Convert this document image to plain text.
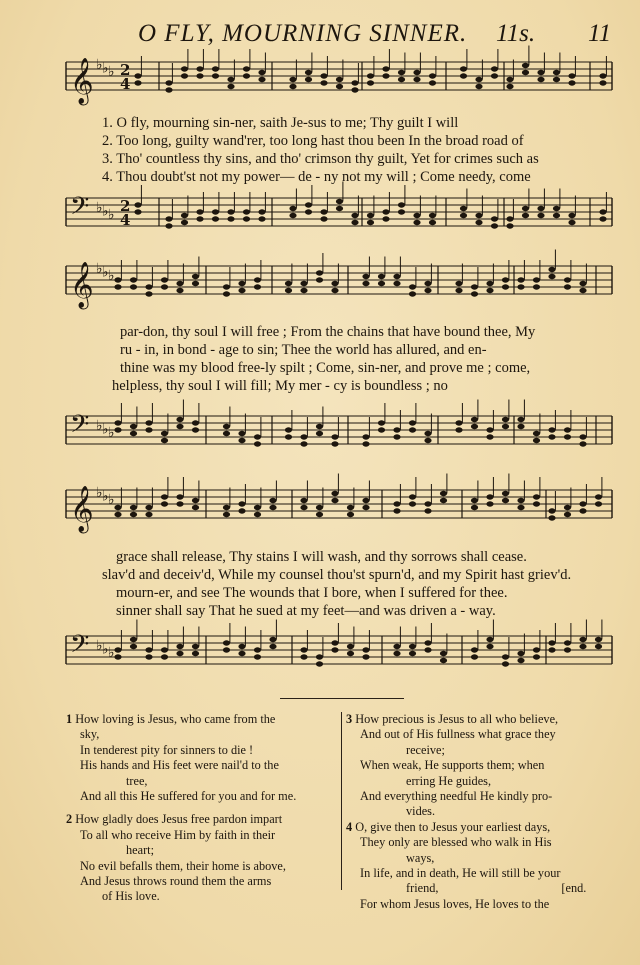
O FLY, MOURNING SINNER. 11s. 11
𝄞 ♭ ♭ ♭ 2
4
1. O fly, mourning sin-ner, saith Je-sus to me; Thy guilt I will
2. Too long, guilty wand'rer, too long hast thou been In the broad road of
3. Tho' countless thy sins, and tho' crimson thy guilt, Yet for crimes such as
4. Thou doubt'st not my power— de - ny not my will ; Come needy, come
𝄢 ♭ ♭ ♭ 2
4
𝄞 ♭ ♭ ♭
par-don, thy soul I will free ; From the chains that have bound thee, My
ru - in, in bond - age to sin; Thee the world has allured, and en-
thine was my blood free-ly spilt ; Come, sin-ner, and prove me ; come,
helpless, thy soul I will fill; My mer - cy is boundless ; no
𝄢 ♭ ♭ ♭
𝄞 ♭ ♭ ♭
grace shall release, Thy stains I will wash, and thy sorrows shall cease.
slav'd and deceiv'd, While my counsel thou'st spurn'd, and my Spirit hast griev'd.
mourn-er, and see The wounds that I bore, when I suffered for thee.
sinner shall say That he sued at my feet—and was driven a - way.
𝄢 ♭ ♭ ♭
1 How loving is Jesus, who came from the
sky,
In tenderest pity for sinners to die !
His hands and His feet were nail'd to the
tree,
And all this He suffered for you and for me.
2 How gladly does Jesus free pardon impart
To all who receive Him by faith in their
heart;
No evil befalls them, their home is above,
And Jesus throws round them the arms
of His love.
3 How precious is Jesus to all who believe,
And out of His fullness what grace they
receive;
When weak, He supports them; when
erring He guides,
And everything needful He kindly pro-
vides.
4 O, give then to Jesus your earliest days,
They only are blessed who walk in His
ways,
In life, and in death, He will still be your
friend,                                        [end.
For whom Jesus loves, He loves to the
